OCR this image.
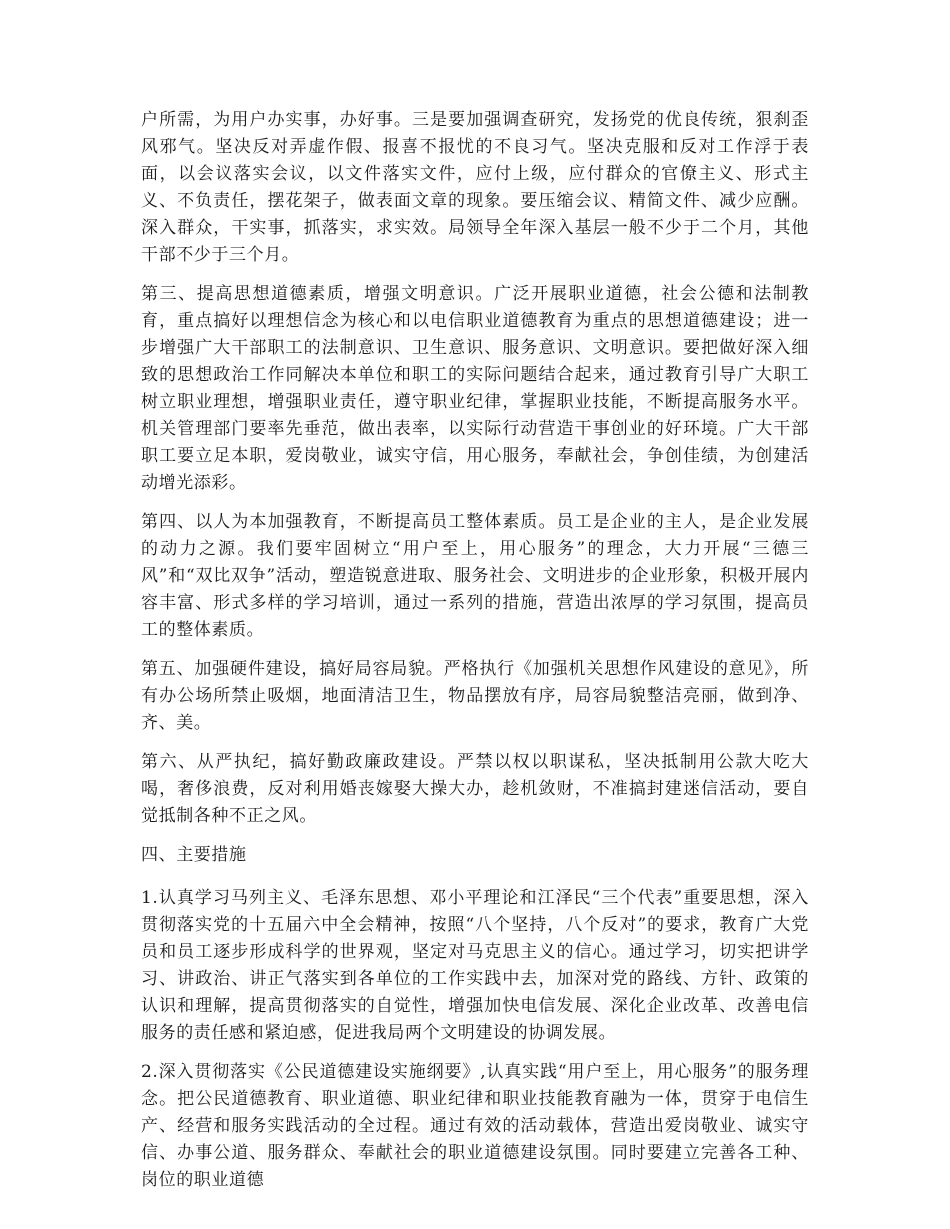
户所需，为用户办实事，办好事。三是要加强调查研究，发扬党的优良传统，狠刹歪风邪气。坚决反对弄虚作假、报喜不报忧的不良习气。坚决克服和反对工作浮于表面，以会议落实会议，以文件落实文件，应付上级，应付群众的官僚主义、形式主义、不负责任，摆花架子，做表面文章的现象。要压缩会议、精简文件、减少应酬。深入群众，干实事，抓落实，求实效。局领导全年深入基层一般不少于二个月，其他干部不少于三个月。

第三、提高思想道德素质，增强文明意识。广泛开展职业道德，社会公德和法制教育，重点搞好以理想信念为核心和以电信职业道德教育为重点的思想道德建设；进一步增强广大干部职工的法制意识、卫生意识、服务意识、文明意识。要把做好深入细致的思想政治工作同解决本单位和职工的实际问题结合起来，通过教育引导广大职工树立职业理想，增强职业责任，遵守职业纪律，掌握职业技能，不断提高服务水平。机关管理部门要率先垂范，做出表率，以实际行动营造干事创业的好环境。广大干部职工要立足本职，爱岗敬业，诚实守信，用心服务，奉献社会，争创佳绩，为创建活动增光添彩。

第四、以人为本加强教育，不断提高员工整体素质。员工是企业的主人，是企业发展的动力之源。我们要牢固树立“用户至上，用心服务”的理念，大力开展“三德三风”和“双比双争”活动，塑造锐意进取、服务社会、文明进步的企业形象，积极开展内容丰富、形式多样的学习培训，通过一系列的措施，营造出浓厚的学习氛围，提高员工的整体素质。

第五、加强硬件建设，搞好局容局貌。严格执行《加强机关思想作风建设的意见》，所有办公场所禁止吸烟，地面清洁卫生，物品摆放有序，局容局貌整洁亮丽，做到净、齐、美。

第六、从严执纪，搞好勤政廉政建设。严禁以权以职谋私，坚决抵制用公款大吃大喝，奢侈浪费，反对利用婚丧嫁娶大操大办，趁机敛财，不准搞封建迷信活动，要自觉抵制各种不正之风。

四、主要措施

1.认真学习马列主义、毛泽东思想、邓小平理论和江泽民“三个代表”重要思想，深入贯彻落实党的十五届六中全会精神，按照“八个坚持，八个反对”的要求，教育广大党员和员工逐步形成科学的世界观，坚定对马克思主义的信心。通过学习，切实把讲学习、讲政治、讲正气落实到各单位的工作实践中去，加深对党的路线、方针、政策的认识和理解，提高贯彻落实的自觉性，增强加快电信发展、深化企业改革、改善电信服务的责任感和紧迫感，促进我局两个文明建设的协调发展。

2.深入贯彻落实《公民道德建设实施纲要》,认真实践“用户至上，用心服务”的服务理念。把公民道德教育、职业道德、职业纪律和职业技能教育融为一体，贯穿于电信生产、经营和服务实践活动的全过程。通过有效的活动载体，营造出爱岗敬业、诚实守信、办事公道、服务群众、奉献社会的职业道德建设氛围。同时要建立完善各工种、岗位的职业道德
